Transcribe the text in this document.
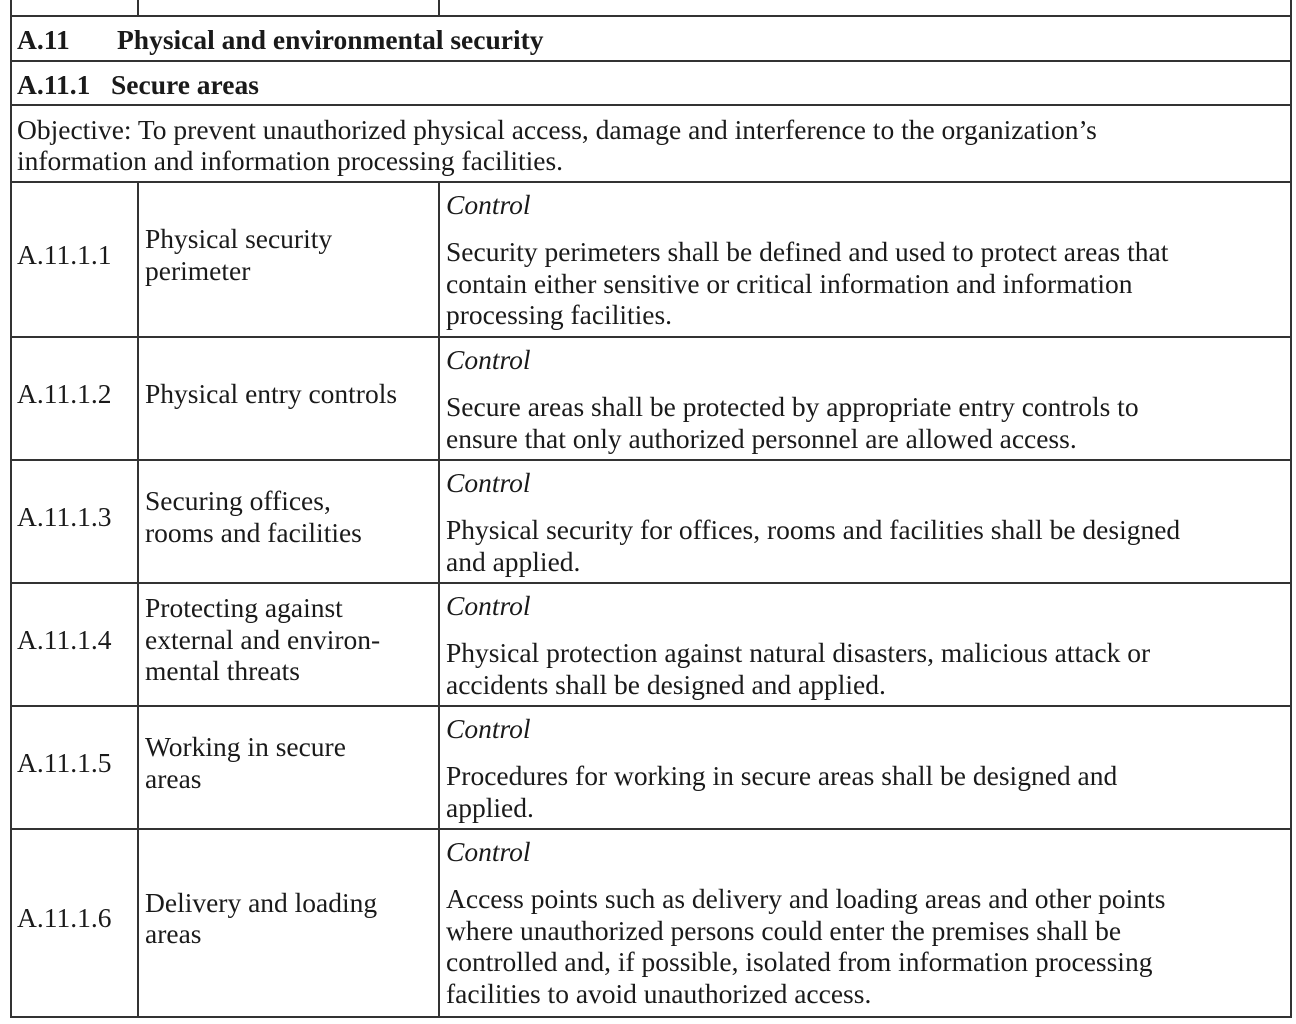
A.11 Physical and environmental security
A.11.1 Secure areas
Objective: To prevent unauthorized physical access, damage and interference to the organization’s
information and information processing facilities.
A.11.1.1
Physical security
perimeter
Control
Security perimeters shall be defined and used to protect areas that
contain either sensitive or critical information and information
processing facilities.
A.11.1.2 Physical entry controls
Control
Secure areas shall be protected by appropriate entry controls to
ensure that only authorized personnel are allowed access.
A.11.1.3
Securing offices,
rooms and facilities
Control
Physical security for offices, rooms and facilities shall be designed
and applied.
A.11.1.4
Protecting against
external and environ-
mental threats
Control
Physical protection against natural disasters, malicious attack or
accidents shall be designed and applied.
A.11.1.5
Working in secure
areas
Control
Procedures for working in secure areas shall be designed and
applied.
A.11.1.6
Delivery and loading
areas
Control
Access points such as delivery and loading areas and other points
where unauthorized persons could enter the premises shall be
controlled and, if possible, isolated from information processing
facilities to avoid unauthorized access.
